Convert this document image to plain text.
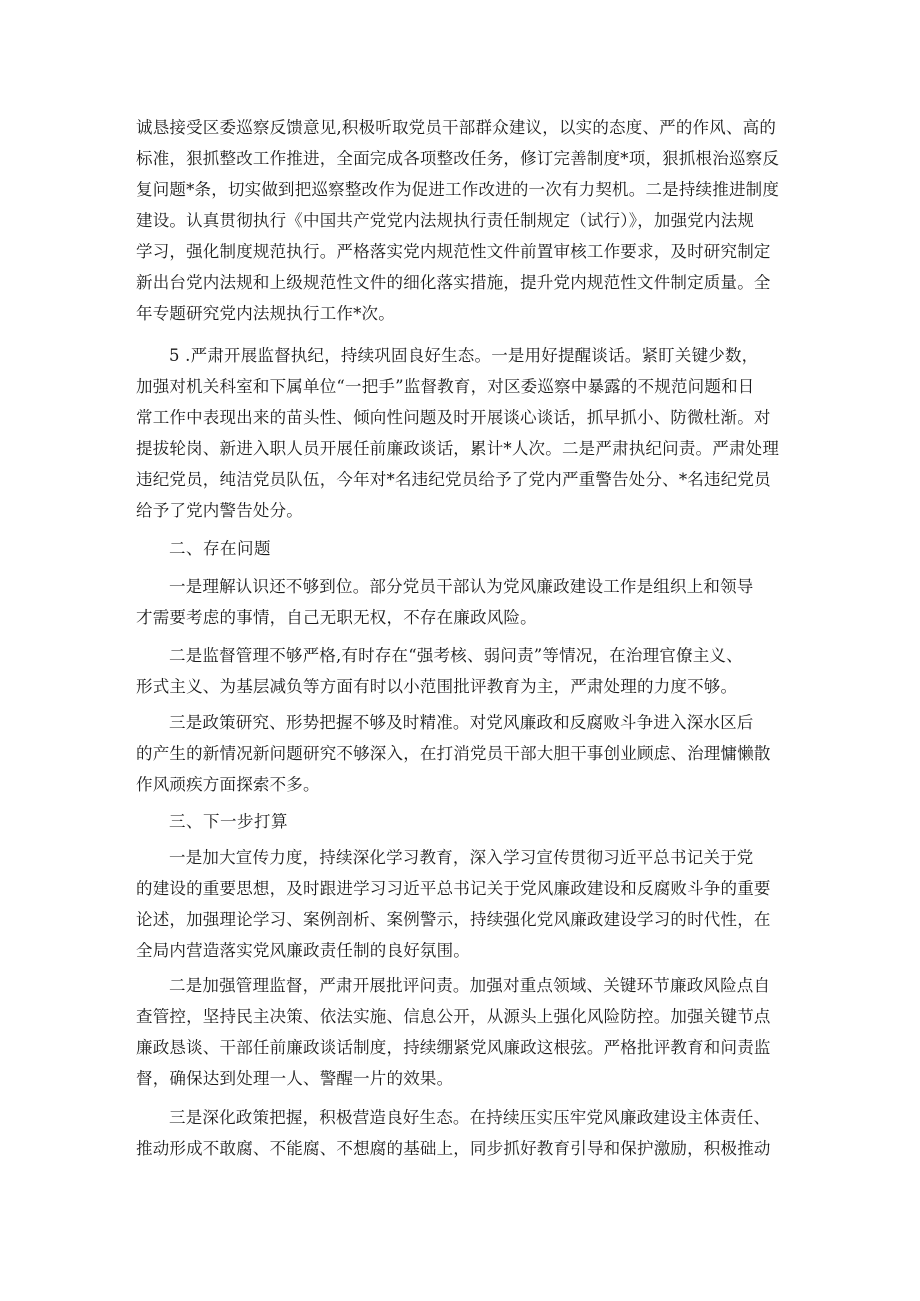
诚恳接受区委巡察反馈意见,积极听取党员干部群众建议，以实的态度、严的作风、高的
标准，狠抓整改工作推进，全面完成各项整改任务，修订完善制度*项，狠抓根治巡察反
复问题*条，切实做到把巡察整改作为促进工作改进的一次有力契机。二是持续推进制度
建设。认真贯彻执行《中国共产党党内法规执行责任制规定（试行）》，加强党内法规
学习，强化制度规范执行。严格落实党内规范性文件前置审核工作要求，及时研究制定
新出台党内法规和上级规范性文件的细化落实措施，提升党内规范性文件制定质量。全
年专题研究党内法规执行工作*次。
5 .严肃开展监督执纪，持续巩固良好生态。一是用好提醒谈话。紧盯关键少数，
加强对机关科室和下属单位“一把手”监督教育，对区委巡察中暴露的不规范问题和日
常工作中表现出来的苗头性、倾向性问题及时开展谈心谈话，抓早抓小、防微杜渐。对
提拔轮岗、新进入职人员开展任前廉政谈话，累计*人次。二是严肃执纪问责。严肃处理
违纪党员，纯洁党员队伍，今年对*名违纪党员给予了党内严重警告处分、*名违纪党员
给予了党内警告处分。
二、存在问题
一是理解认识还不够到位。部分党员干部认为党风廉政建设工作是组织上和领导
才需要考虑的事情，自己无职无权，不存在廉政风险。
二是监督管理不够严格,有时存在“强考核、弱问责”等情况，在治理官僚主义、
形式主义、为基层减负等方面有时以小范围批评教育为主，严肃处理的力度不够。
三是政策研究、形势把握不够及时精准。对党风廉政和反腐败斗争进入深水区后
的产生的新情况新问题研究不够深入，在打消党员干部大胆干事创业顾虑、治理慵懒散
作风顽疾方面探索不多。
三、下一步打算
一是加大宣传力度，持续深化学习教育，深入学习宣传贯彻习近平总书记关于党
的建设的重要思想，及时跟进学习习近平总书记关于党风廉政建设和反腐败斗争的重要
论述，加强理论学习、案例剖析、案例警示，持续强化党风廉政建设学习的时代性，在
全局内营造落实党风廉政责任制的良好氛围。
二是加强管理监督，严肃开展批评问责。加强对重点领域、关键环节廉政风险点自
查管控，坚持民主决策、依法实施、信息公开，从源头上强化风险防控。加强关键节点
廉政恳谈、干部任前廉政谈话制度，持续绷紧党风廉政这根弦。严格批评教育和问责监
督，确保达到处理一人、警醒一片的效果。
三是深化政策把握，积极营造良好生态。在持续压实压牢党风廉政建设主体责任、
推动形成不敢腐、不能腐、不想腐的基础上，同步抓好教育引导和保护激励，积极推动
